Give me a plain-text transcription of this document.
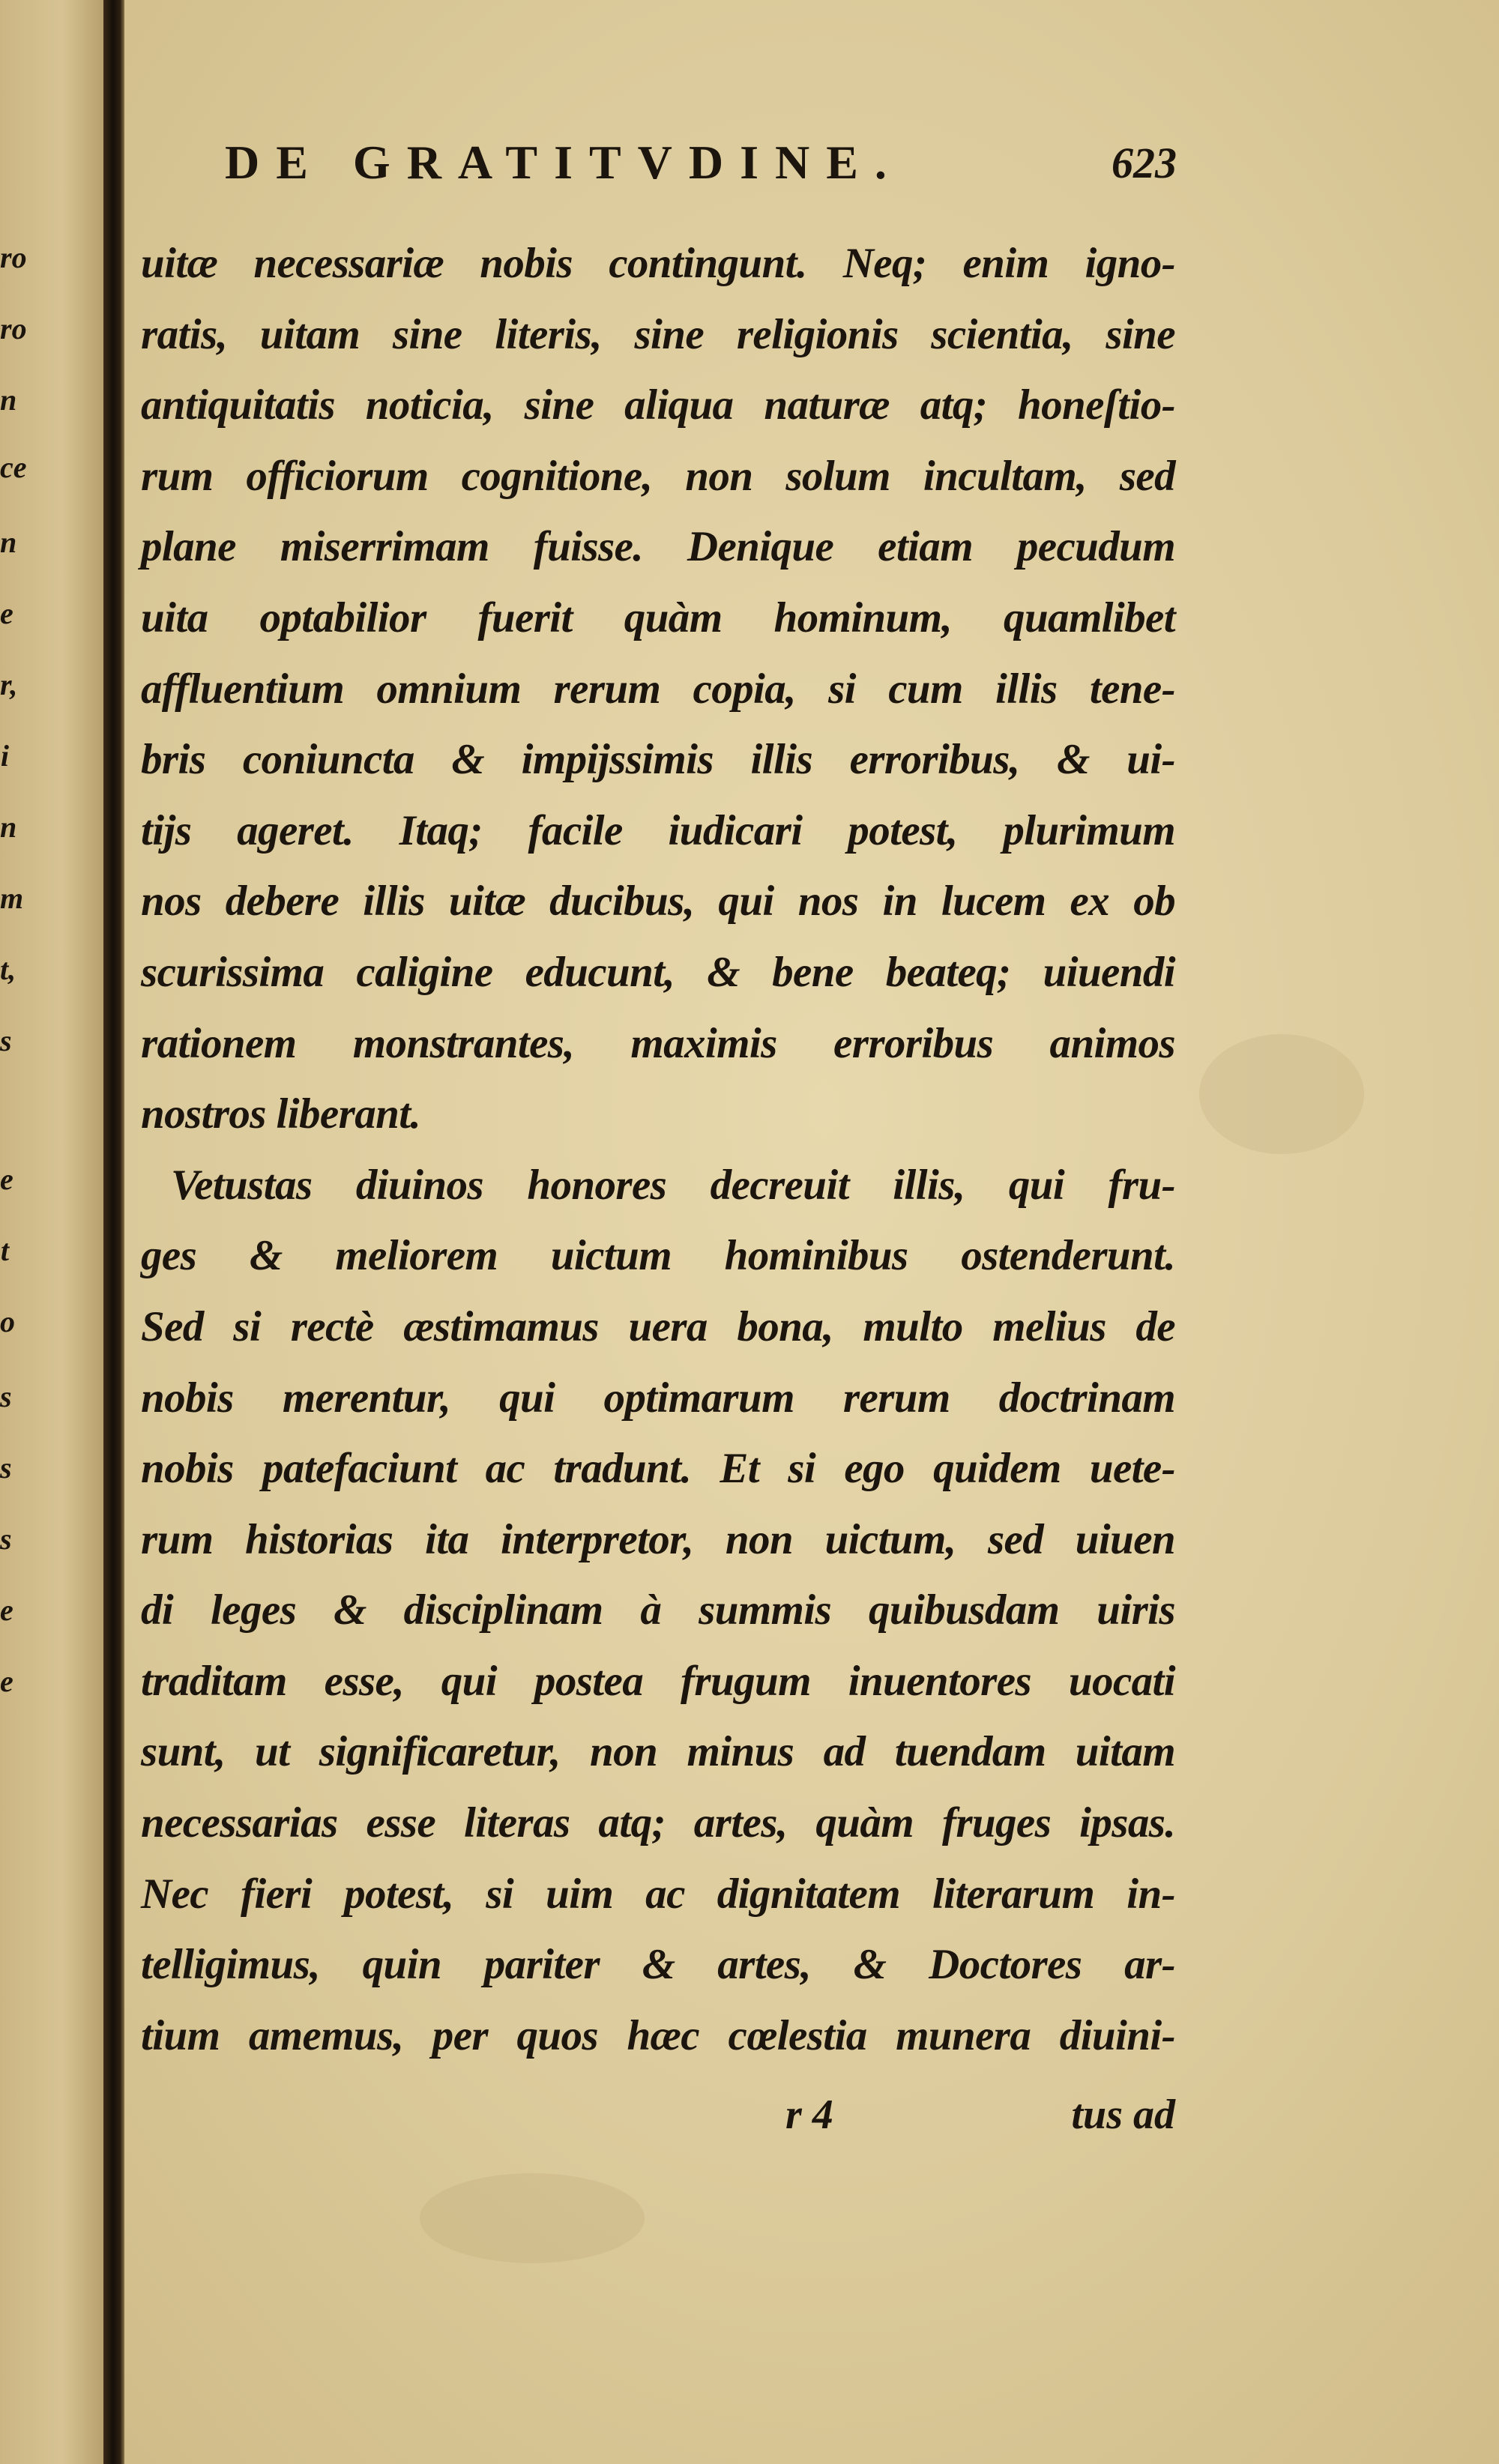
ro
ro
n
ce
n
e
r,
i
n
m
t,
s
e
t
o
s
s
s
e
e
DE GRATITVDINE.	623
uitæ necessariæ nobis contingunt. Neq; enim igno-
ratis, uitam sine literis, sine religionis scientia, sine
antiquitatis noticia, sine aliqua naturæ atq; honeſtio-
rum officiorum cognitione, non solum incultam, sed
plane miserrimam fuisse. Denique etiam pecudum
uita optabilior fuerit quàm hominum, quamlibet
affluentium omnium rerum copia, si cum illis tene-
bris coniuncta & impijssimis illis erroribus, & ui-
tijs ageret. Itaq; facile iudicari potest, plurimum
nos debere illis uitæ ducibus, qui nos in lucem ex ob
scurissima caligine educunt, & bene beateq; uiuendi
rationem monstrantes, maximis erroribus animos
nostros liberant.
Vetustas diuinos honores decreuit illis, qui fru-
ges & meliorem uictum hominibus ostenderunt.
Sed si rectè æstimamus uera bona, multo melius de
nobis merentur, qui optimarum rerum doctrinam
nobis patefaciunt ac tradunt. Et si ego quidem uete-
rum historias ita interpretor, non uictum, sed uiuen
di leges & disciplinam à summis quibusdam uiris
traditam esse, qui postea frugum inuentores uocati
sunt, ut significaretur, non minus ad tuendam uitam
necessarias esse literas atq; artes, quàm fruges ipsas.
Nec fieri potest, si uim ac dignitatem literarum in-
telligimus, quin pariter & artes, & Doctores ar-
tium amemus, per quos hæc cœlestia munera diuini-
r 4	tus ad
